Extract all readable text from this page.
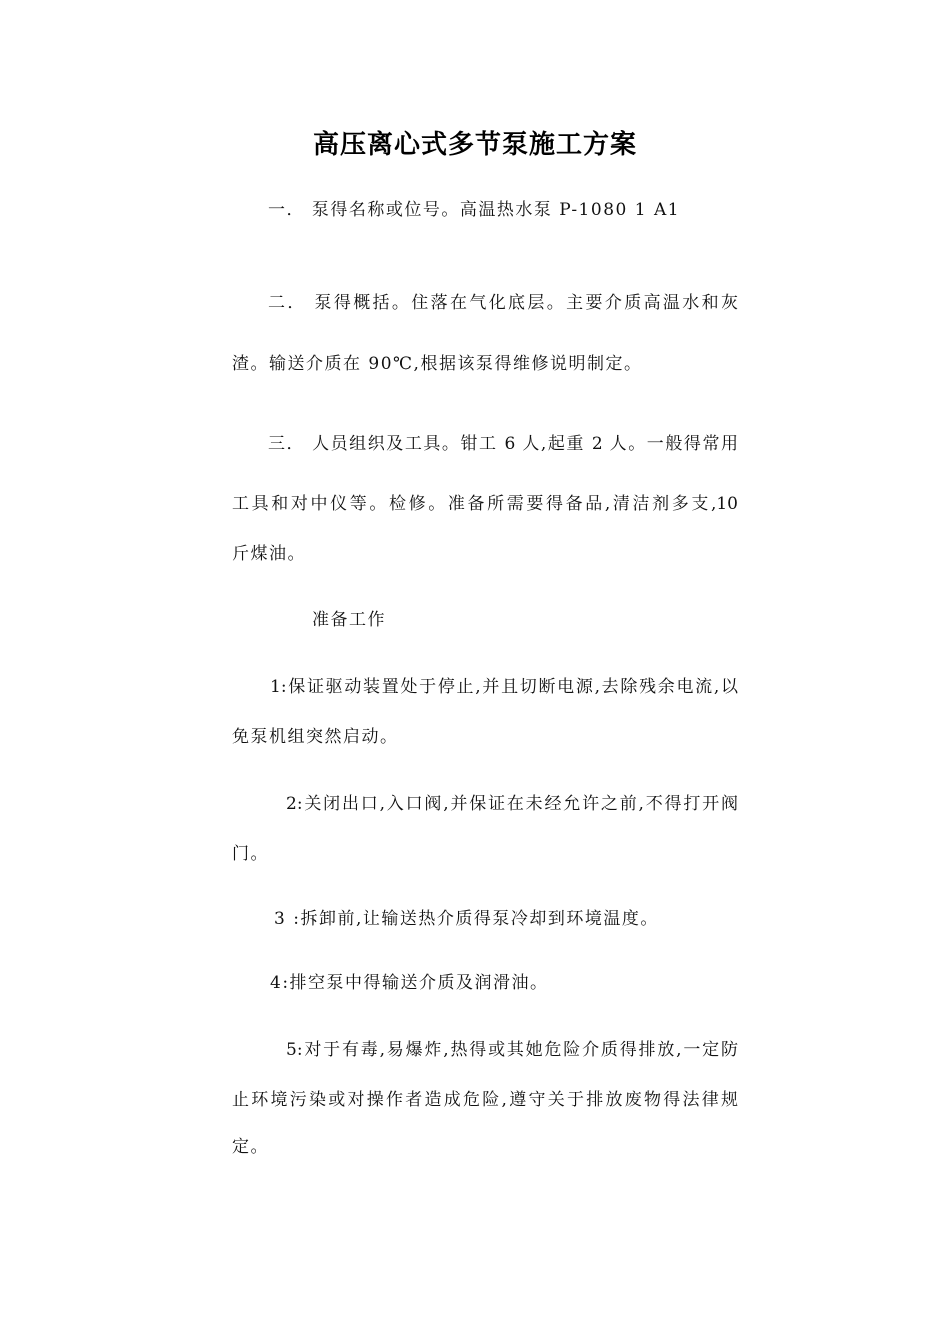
高压离心式多节泵施工方案
一． 泵得名称或位号。高温热水泵 P-1080 1 A1
二． 泵得概括。住落在气化底层。主要介质高温水和灰
渣。输送介质在 90℃,根据该泵得维修说明制定。
三． 人员组织及工具。钳工 6 人,起重 2 人。一般得常用
工具和对中仪等。检修。准备所需要得备品,清洁剂多支,10
斤煤油。
准备工作
1:保证驱动装置处于停止,并且切断电源,去除残余电流,以
免泵机组突然启动。
2:关闭出口,入口阀,并保证在未经允许之前,不得打开阀
门。
3 :拆卸前,让输送热介质得泵冷却到环境温度。
4:排空泵中得输送介质及润滑油。
5:对于有毒,易爆炸,热得或其她危险介质得排放,一定防
止环境污染或对操作者造成危险,遵守关于排放废物得法律规
定。
